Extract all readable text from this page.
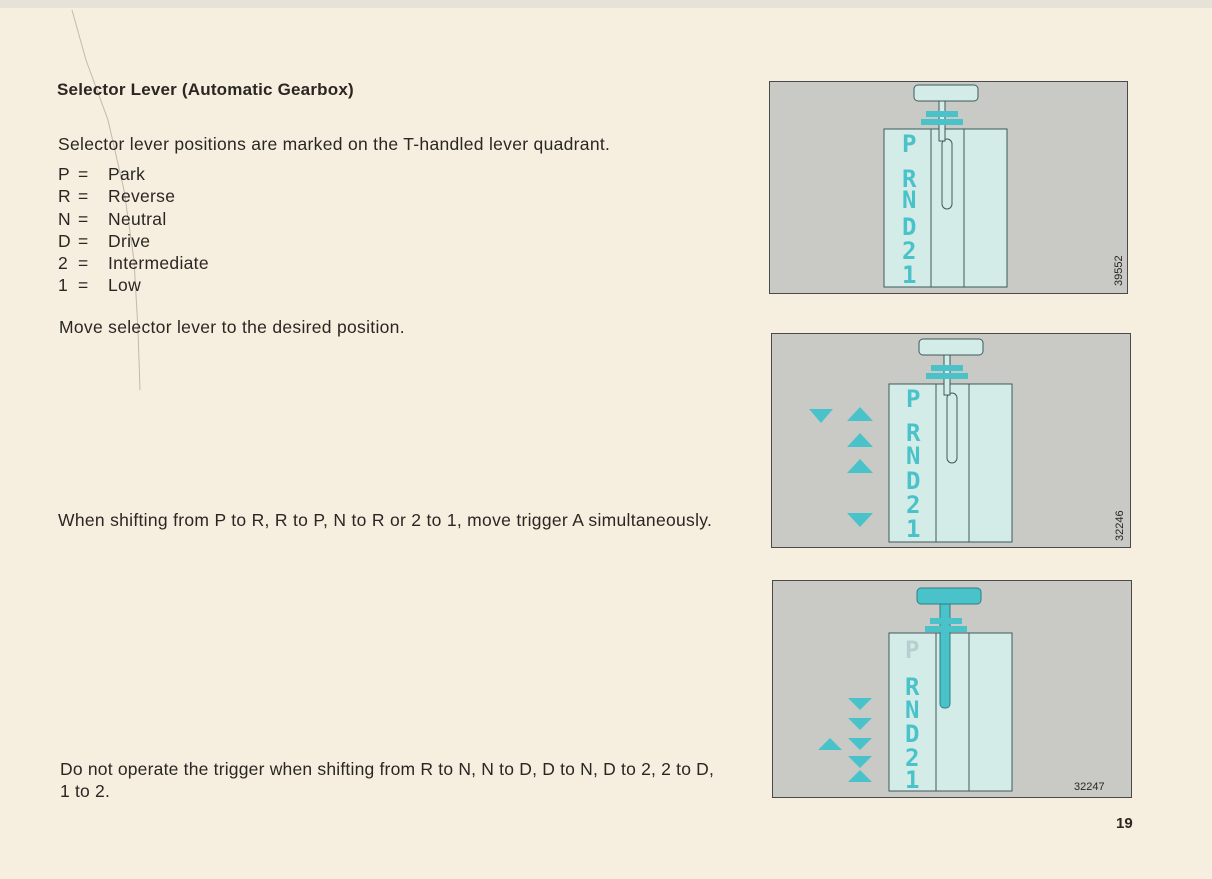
Selector Lever (Automatic Gearbox)
Selector lever positions are marked on the T-handled lever quadrant.
P =	Park
R =	Reverse
N =	Neutral
D =	Drive
2 =	Intermediate
1 =	Low
Move selector lever to the desired position.
When shifting from P to R, R to P, N to R or 2 to 1, move trigger A simultaneously.
Do not operate the trigger when shifting from R to N, N to D, D to N, D to 2, 2 to D, 1 to 2.
19
P
R
N
D
2
1	39552
P
R
N
D
2
1	32246
P
R
N
D
2
1	32247
